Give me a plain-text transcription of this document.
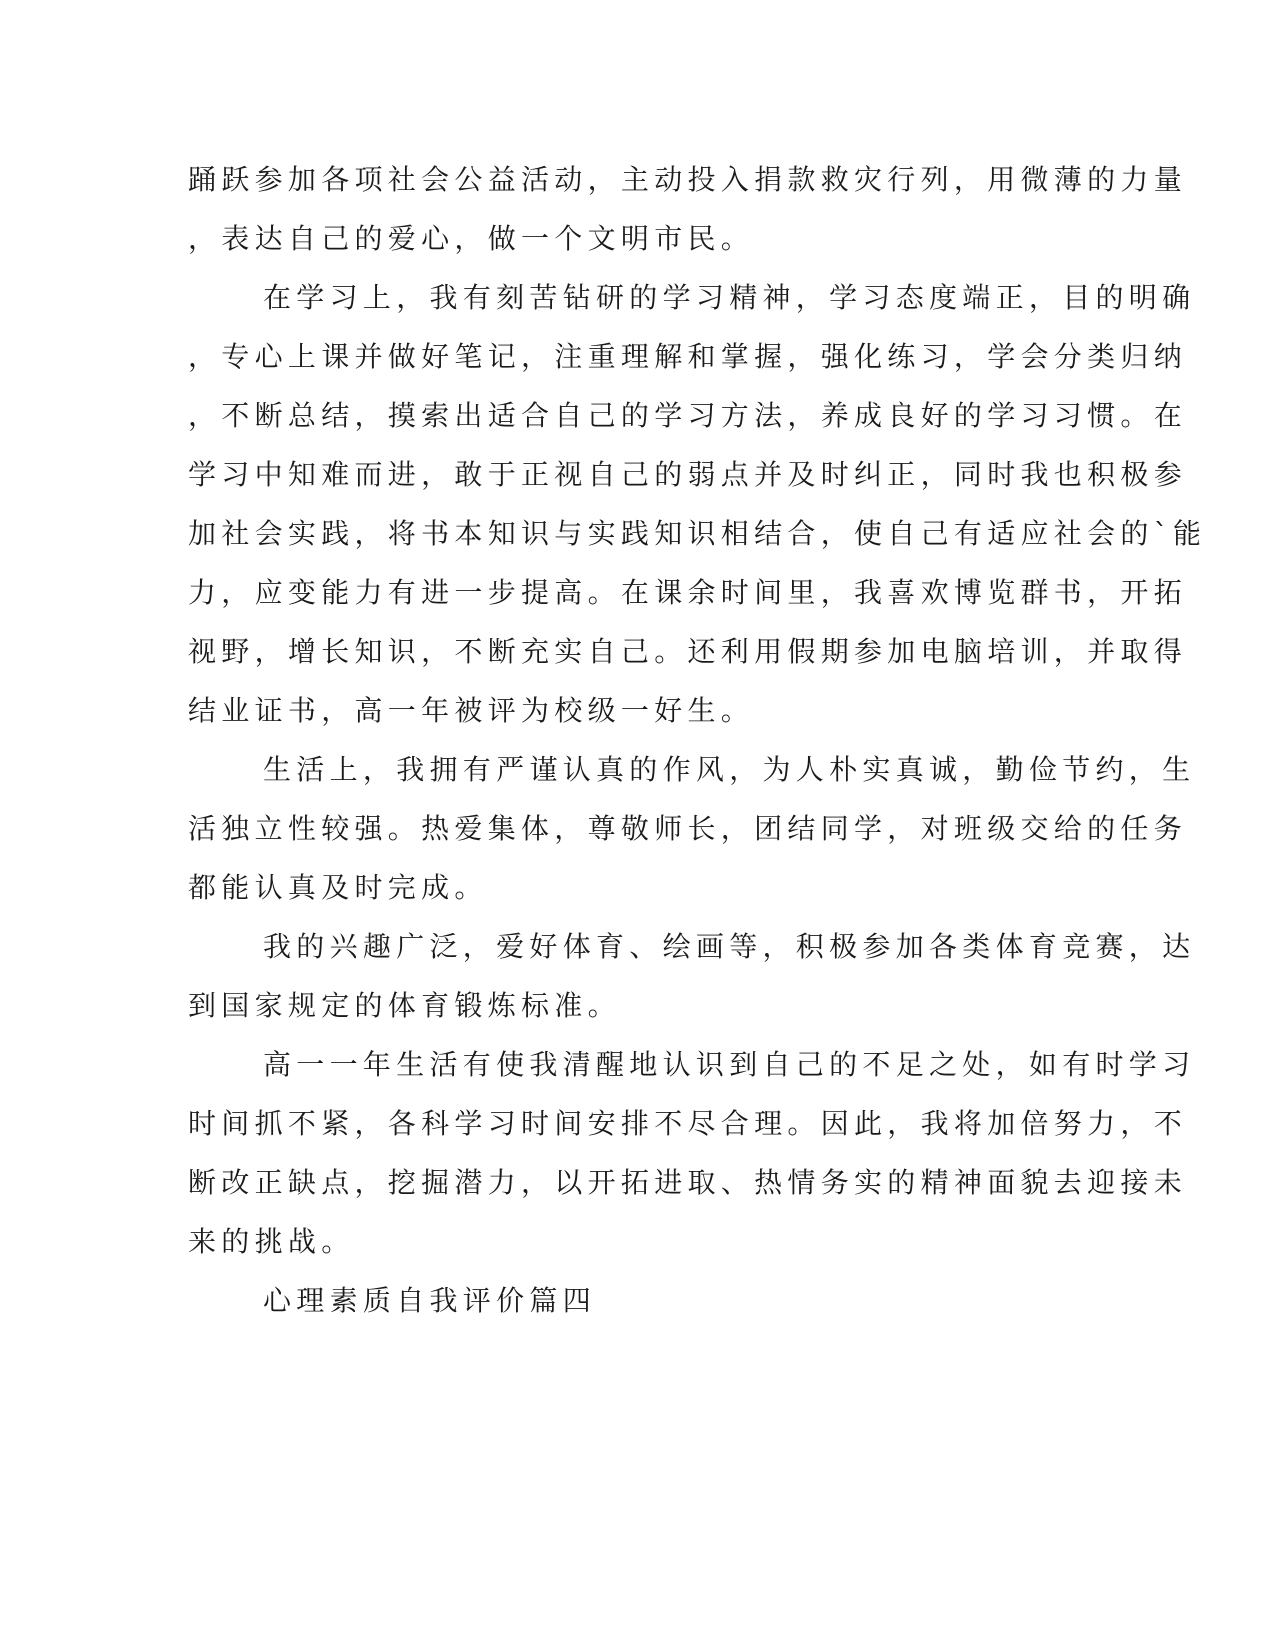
踊跃参加各项社会公益活动，主动投入捐款救灾行列，用微薄的力量
，表达自己的爱心，做一个文明市民。
在学习上，我有刻苦钻研的学习精神，学习态度端正，目的明确
，专心上课并做好笔记，注重理解和掌握，强化练习，学会分类归纳
，不断总结，摸索出适合自己的学习方法，养成良好的学习习惯。在
学习中知难而进，敢于正视自己的弱点并及时纠正，同时我也积极参
加社会实践，将书本知识与实践知识相结合，使自己有适应社会的`能
力，应变能力有进一步提高。在课余时间里，我喜欢博览群书，开拓
视野，增长知识，不断充实自己。还利用假期参加电脑培训，并取得
结业证书，高一年被评为校级一好生。
生活上，我拥有严谨认真的作风，为人朴实真诚，勤俭节约，生
活独立性较强。热爱集体，尊敬师长，团结同学，对班级交给的任务
都能认真及时完成。
我的兴趣广泛，爱好体育、绘画等，积极参加各类体育竞赛，达
到国家规定的体育锻炼标准。
高一一年生活有使我清醒地认识到自己的不足之处，如有时学习
时间抓不紧，各科学习时间安排不尽合理。因此，我将加倍努力，不
断改正缺点，挖掘潜力，以开拓进取、热情务实的精神面貌去迎接未
来的挑战。
心理素质自我评价篇四
